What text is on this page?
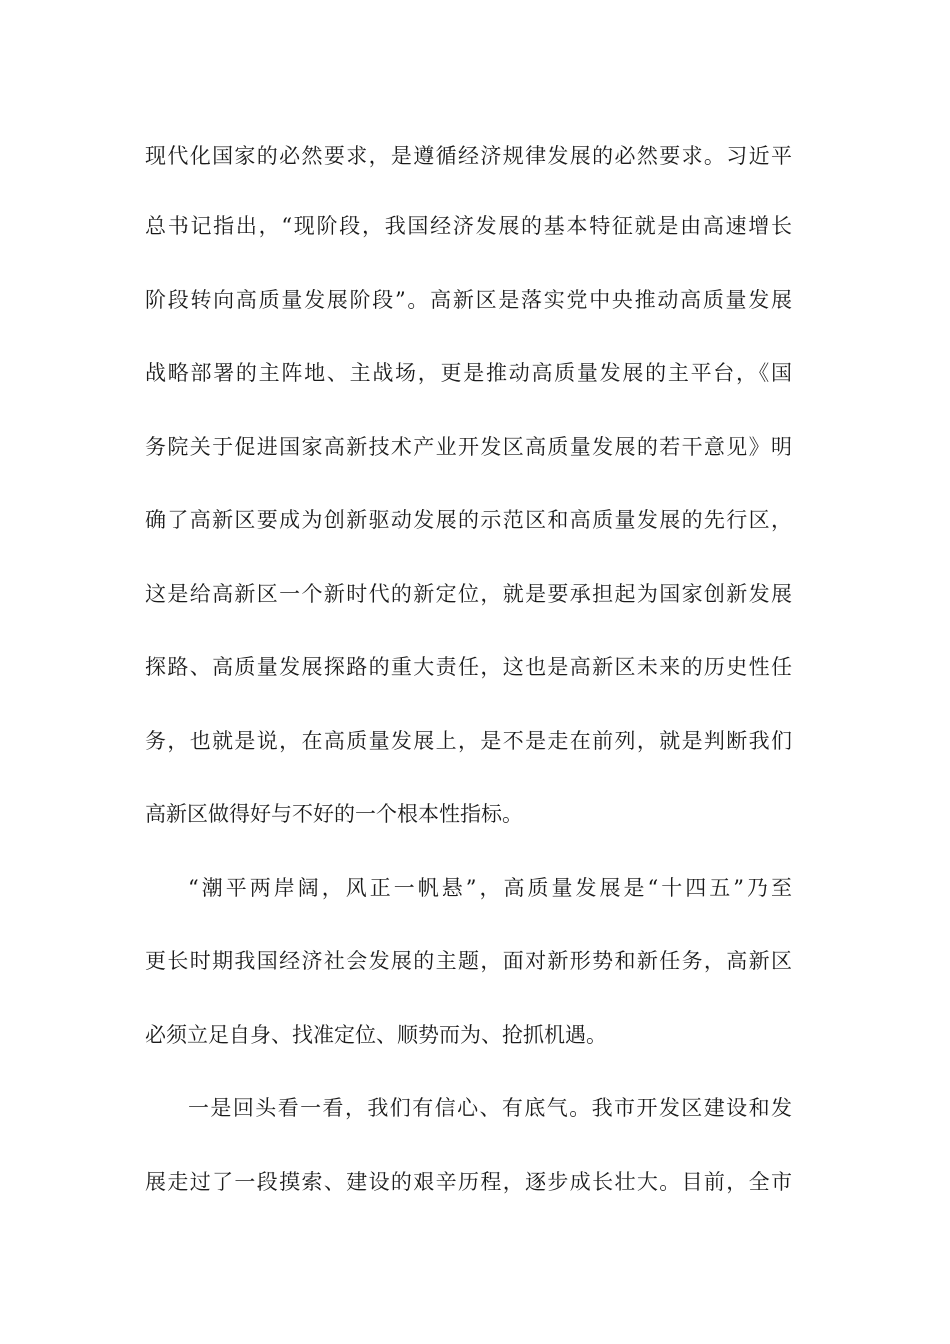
现代化国家的必然要求，是遵循经济规律发展的必然要求。习近平
总书记指出，“现阶段，我国经济发展的基本特征就是由高速增长
阶段转向高质量发展阶段”。高新区是落实党中央推动高质量发展
战略部署的主阵地、主战场，更是推动高质量发展的主平台，《国
务院关于促进国家高新技术产业开发区高质量发展的若干意见》明
确了高新区要成为创新驱动发展的示范区和高质量发展的先行区，
这是给高新区一个新时代的新定位，就是要承担起为国家创新发展
探路、高质量发展探路的重大责任，这也是高新区未来的历史性任
务，也就是说，在高质量发展上，是不是走在前列，就是判断我们
高新区做得好与不好的一个根本性指标。
“潮平两岸阔，风正一帆悬”，高质量发展是“十四五”乃至
更长时期我国经济社会发展的主题，面对新形势和新任务，高新区
必须立足自身、找准定位、顺势而为、抢抓机遇。
一是回头看一看，我们有信心、有底气。我市开发区建设和发
展走过了一段摸索、建设的艰辛历程，逐步成长壮大。目前，全市
